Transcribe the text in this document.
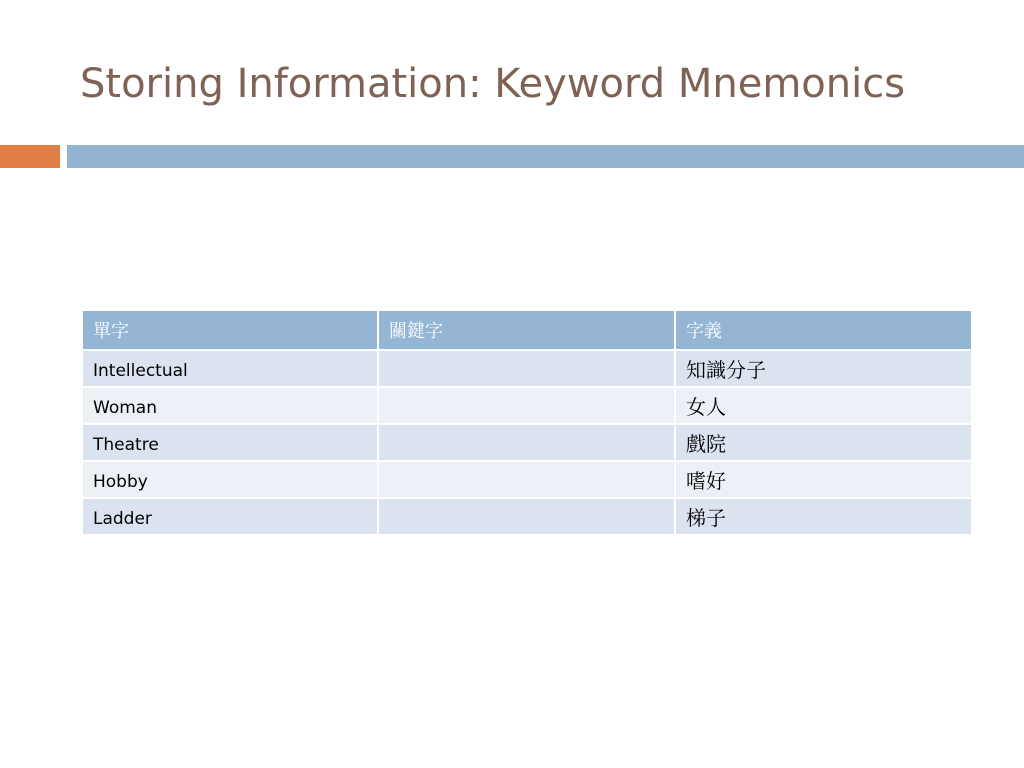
Storing Information: Keyword Mnemonics
單字	關鍵字	字義
Intellectual		知識分子
Woman		女人
Theatre		戲院
Hobby		嗜好
Ladder		梯子
